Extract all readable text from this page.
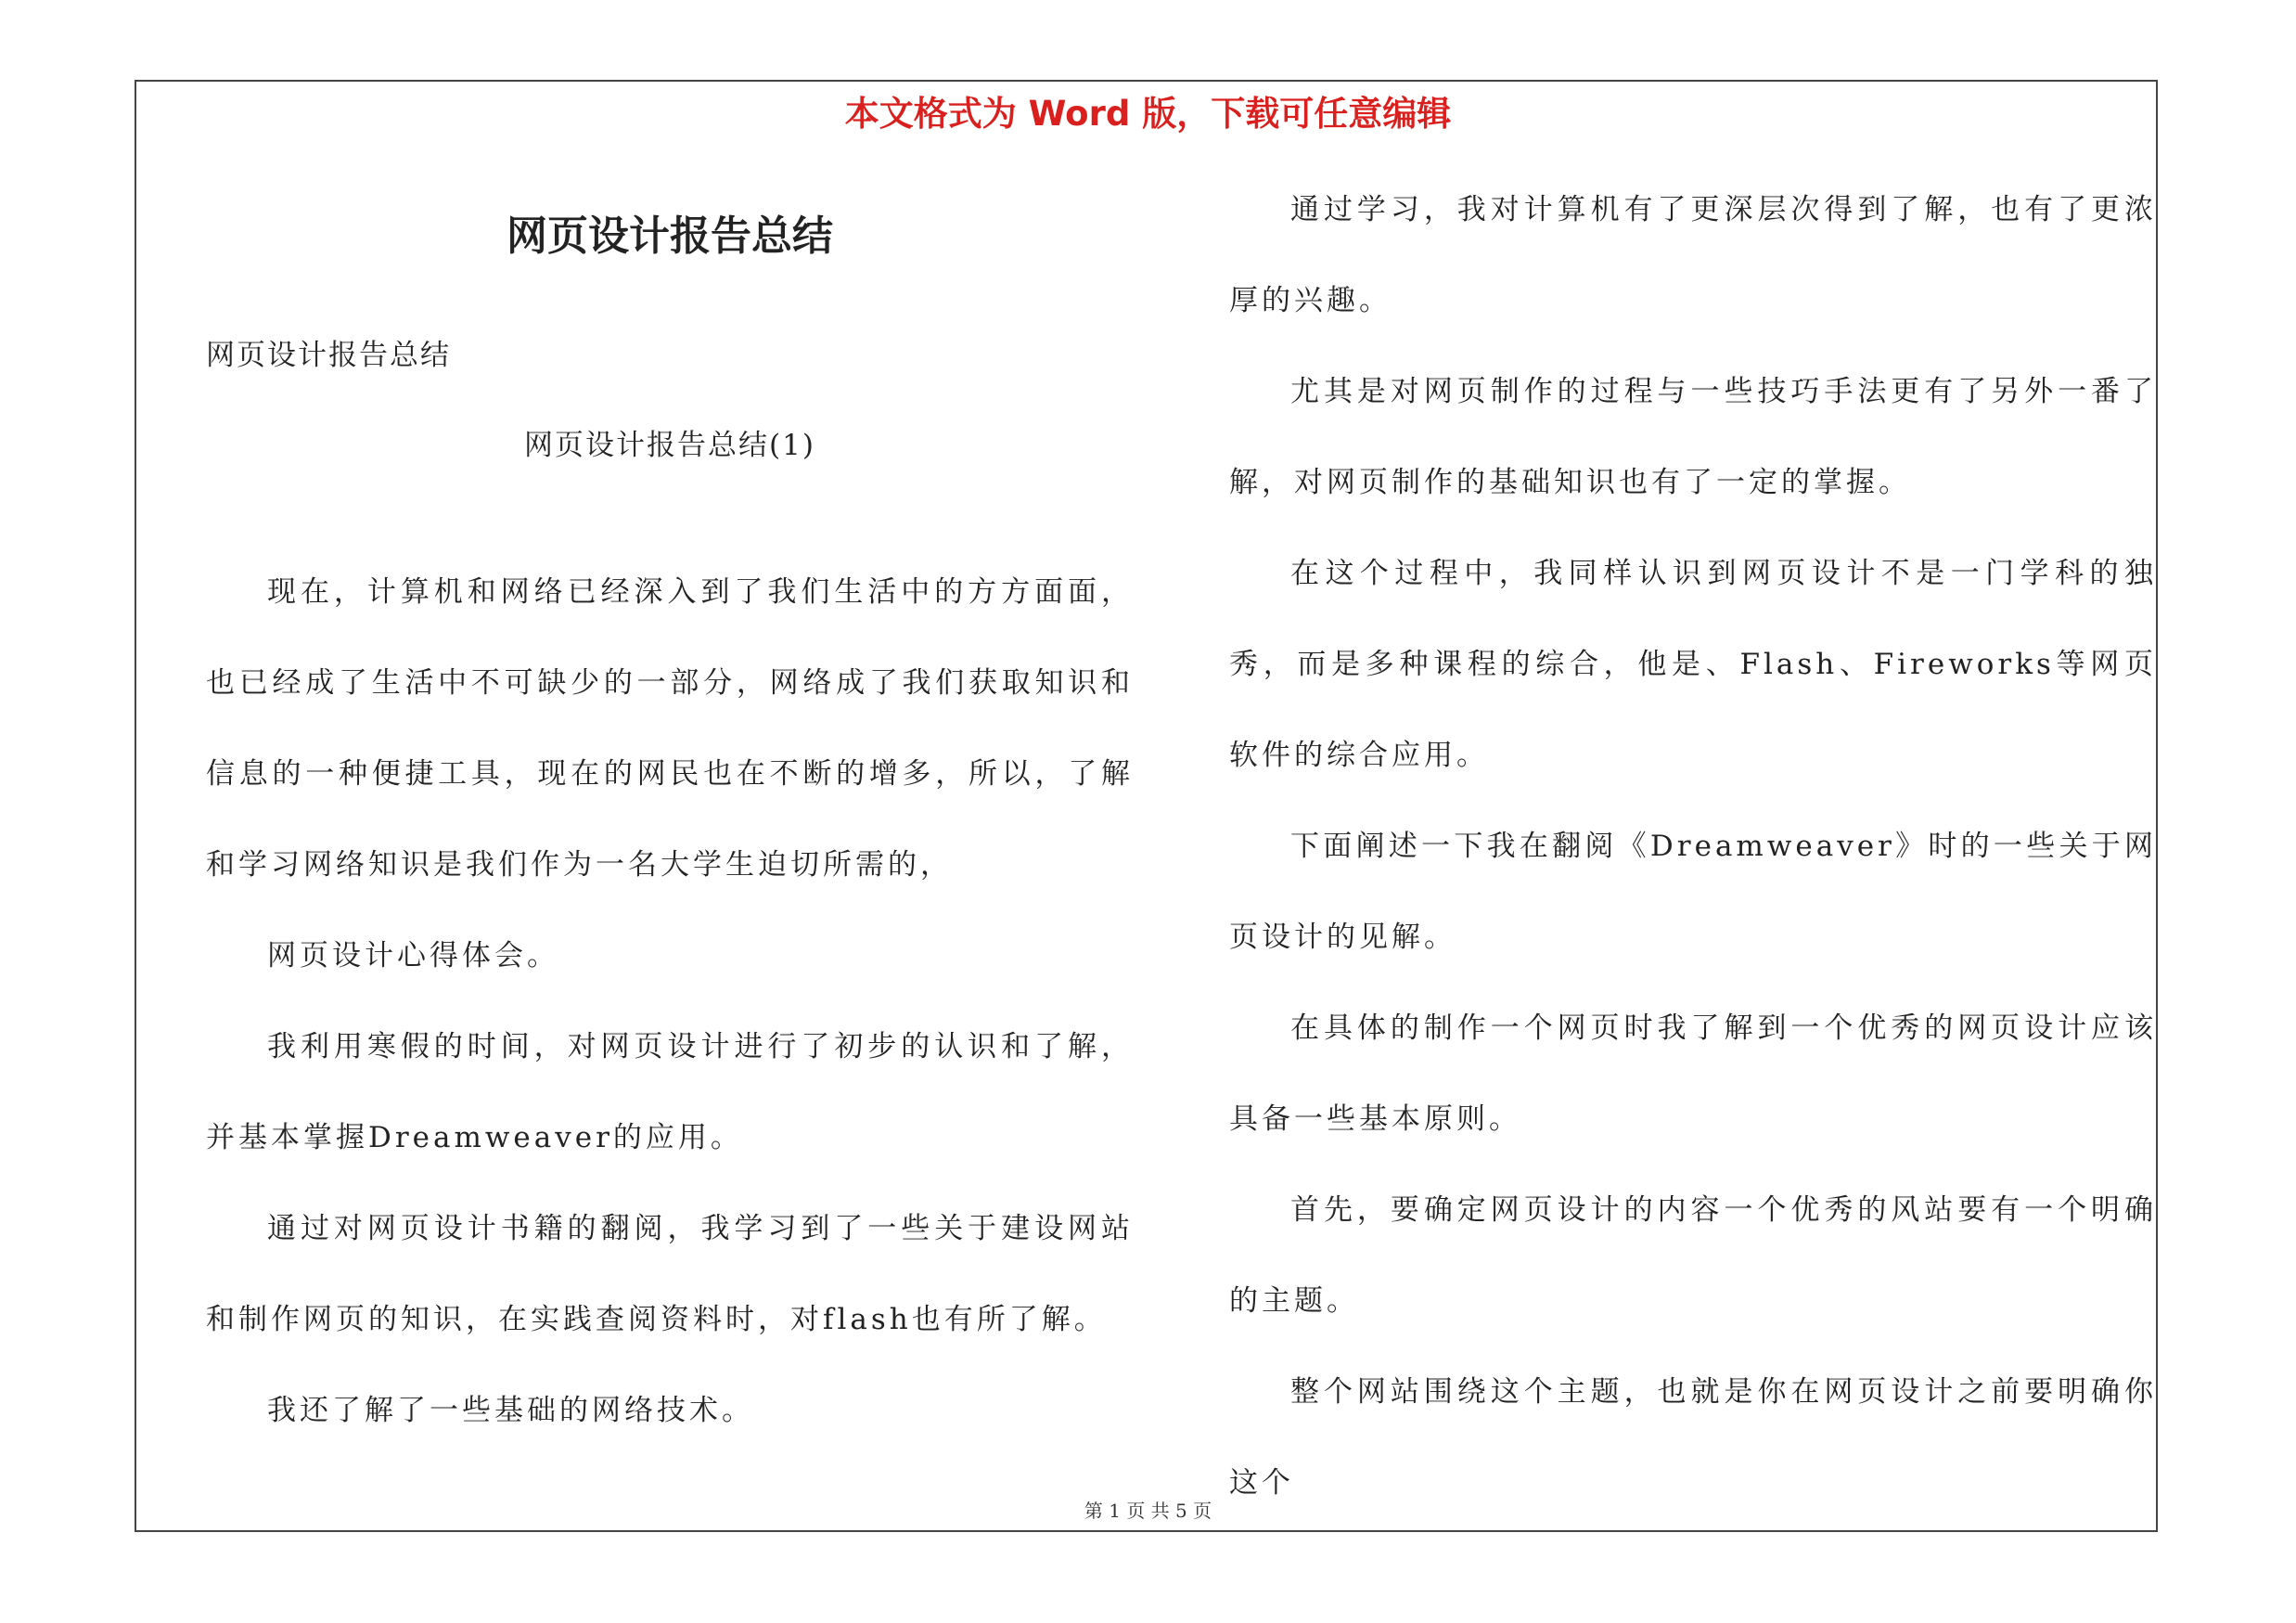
本文格式为 Word 版，下载可任意编辑
网页设计报告总结

网页设计报告总结

网页设计报告总结(1)

现在，计算机和网络已经深入到了我们生活中的方方面面，也已经成了生活中不可缺少的一部分，网络成了我们获取知识和信息的一种便捷工具，现在的网民也在不断的增多，所以，了解和学习网络知识是我们作为一名大学生迫切所需的，

网页设计心得体会。

我利用寒假的时间，对网页设计进行了初步的认识和了解，并基本掌握Dreamweaver的应用。

通过对网页设计书籍的翻阅，我学习到了一些关于建设网站和制作网页的知识，在实践查阅资料时，对flash也有所了解。

我还了解了一些基础的网络技术。

通过学习，我对计算机有了更深层次得到了解，也有了更浓厚的兴趣。

尤其是对网页制作的过程与一些技巧手法更有了另外一番了解，对网页制作的基础知识也有了一定的掌握。

在这个过程中，我同样认识到网页设计不是一门学科的独秀，而是多种课程的综合，他是、Flash、Fireworks等网页软件的综合应用。

下面阐述一下我在翻阅《Dreamweaver》时的一些关于网页设计的见解。

在具体的制作一个网页时我了解到一个优秀的网页设计应该具备一些基本原则。

首先，要确定网页设计的内容一个优秀的风站要有一个明确的主题。

整个网站围绕这个主题，也就是你在网页设计之前要明确你这个

第 1 页 共 5 页
